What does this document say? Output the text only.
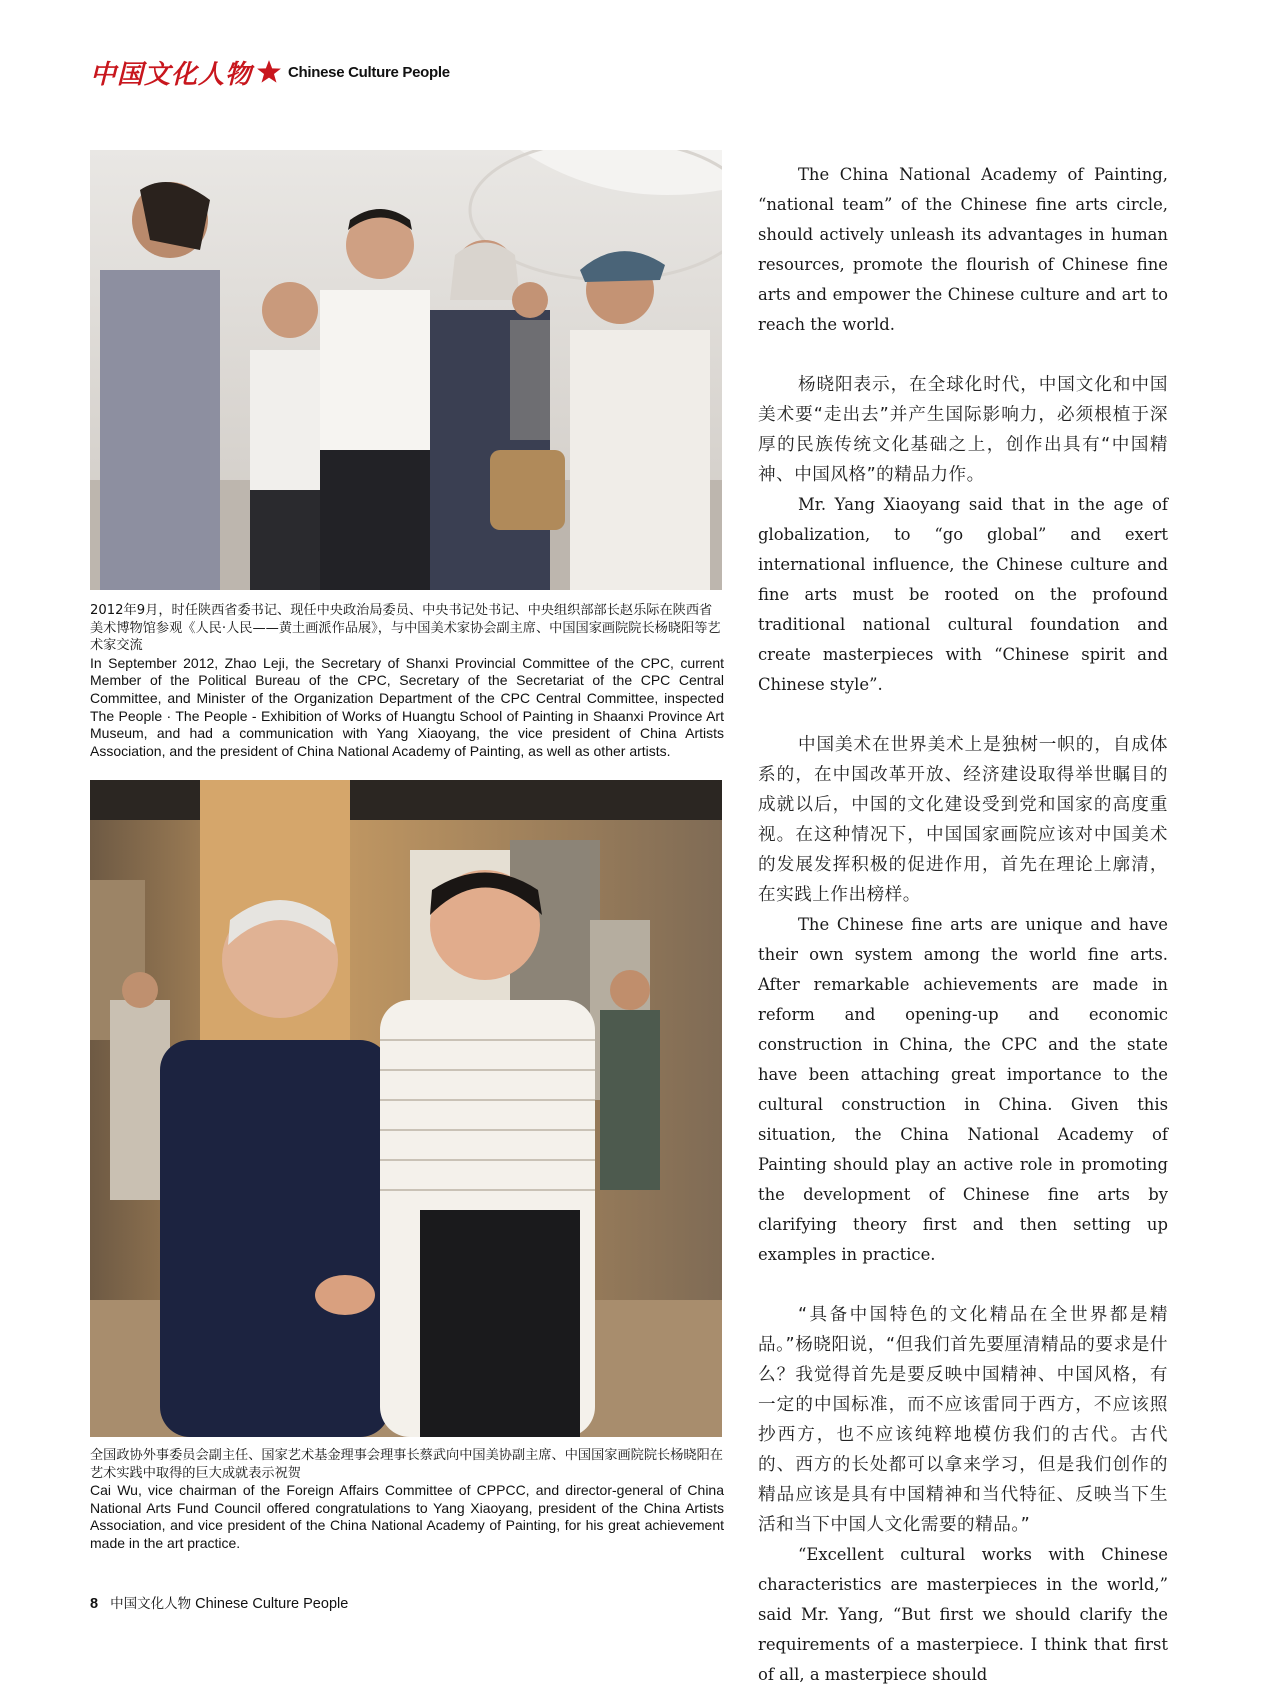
中国文化人物 Chinese Culture People
2012年9月，时任陕西省委书记、现任中央政治局委员、中央书记处书记、中央组织部部长赵乐际在陕西省美术博物馆参观《人民·人民——黄土画派作品展》，与中国美术家协会副主席、中国国家画院院长杨晓阳等艺术家交流
In September 2012, Zhao Leji, the Secretary of Shanxi Provincial Committee of the CPC, current Member of the Political Bureau of the CPC, Secretary of the Secretariat of the CPC Central Committee, and Minister of the Organization Department of the CPC Central Committee, inspected The People · The People - Exhibition of Works of Huangtu School of Painting in Shaanxi Province Art Museum, and had a communication with Yang Xiaoyang, the vice president of China Artists Association, and the president of China National Academy of Painting, as well as other artists.
全国政协外事委员会副主任、国家艺术基金理事会理事长蔡武向中国美协副主席、中国国家画院院长杨晓阳在艺术实践中取得的巨大成就表示祝贺
Cai Wu, vice chairman of the Foreign Affairs Committee of CPPCC, and director-general of China National Arts Fund Council offered congratulations to Yang Xiaoyang, president of the China Artists Association, and vice president of the China National Academy of Painting, for his great achievement made in the art practice.

The China National Academy of Painting, “national team” of the Chinese fine arts circle, should actively unleash its advantages in human resources, promote the flourish of Chinese fine arts and empower the Chinese culture and art to reach the world.

杨晓阳表示，在全球化时代，中国文化和中国美术要“走出去”并产生国际影响力，必须根植于深厚的民族传统文化基础之上，创作出具有“中国精神、中国风格”的精品力作。

Mr. Yang Xiaoyang said that in the age of globalization, to “go global” and exert international influence, the Chinese culture and fine arts must be rooted on the profound traditional national cultural foundation and create masterpieces with “Chinese spirit and Chinese style”.

中国美术在世界美术上是独树一帜的，自成体系的，在中国改革开放、经济建设取得举世瞩目的成就以后，中国的文化建设受到党和国家的高度重视。在这种情况下，中国国家画院应该对中国美术的发展发挥积极的促进作用，首先在理论上廓清，在实践上作出榜样。

The Chinese fine arts are unique and have their own system among the world fine arts. After remarkable achievements are made in reform and opening-up and economic construction in China, the CPC and the state have been attaching great importance to the cultural construction in China. Given this situation, the China National Academy of Painting should play an active role in promoting the development of Chinese fine arts by clarifying theory first and then setting up examples in practice.

“具备中国特色的文化精品在全世界都是精品。”杨晓阳说，“但我们首先要厘清精品的要求是什么？我觉得首先是要反映中国精神、中国风格，有一定的中国标准，而不应该雷同于西方，不应该照抄西方，也不应该纯粹地模仿我们的古代。古代的、西方的长处都可以拿来学习，但是我们创作的精品应该是具有中国精神和当代特征、反映当下生活和当下中国人文化需要的精品。”

“Excellent cultural works with Chinese characteristics are masterpieces in the world,” said Mr. Yang, “But first we should clarify the requirements of a masterpiece. I think that first of all, a masterpiece should

8 中国文化人物 Chinese Culture People
